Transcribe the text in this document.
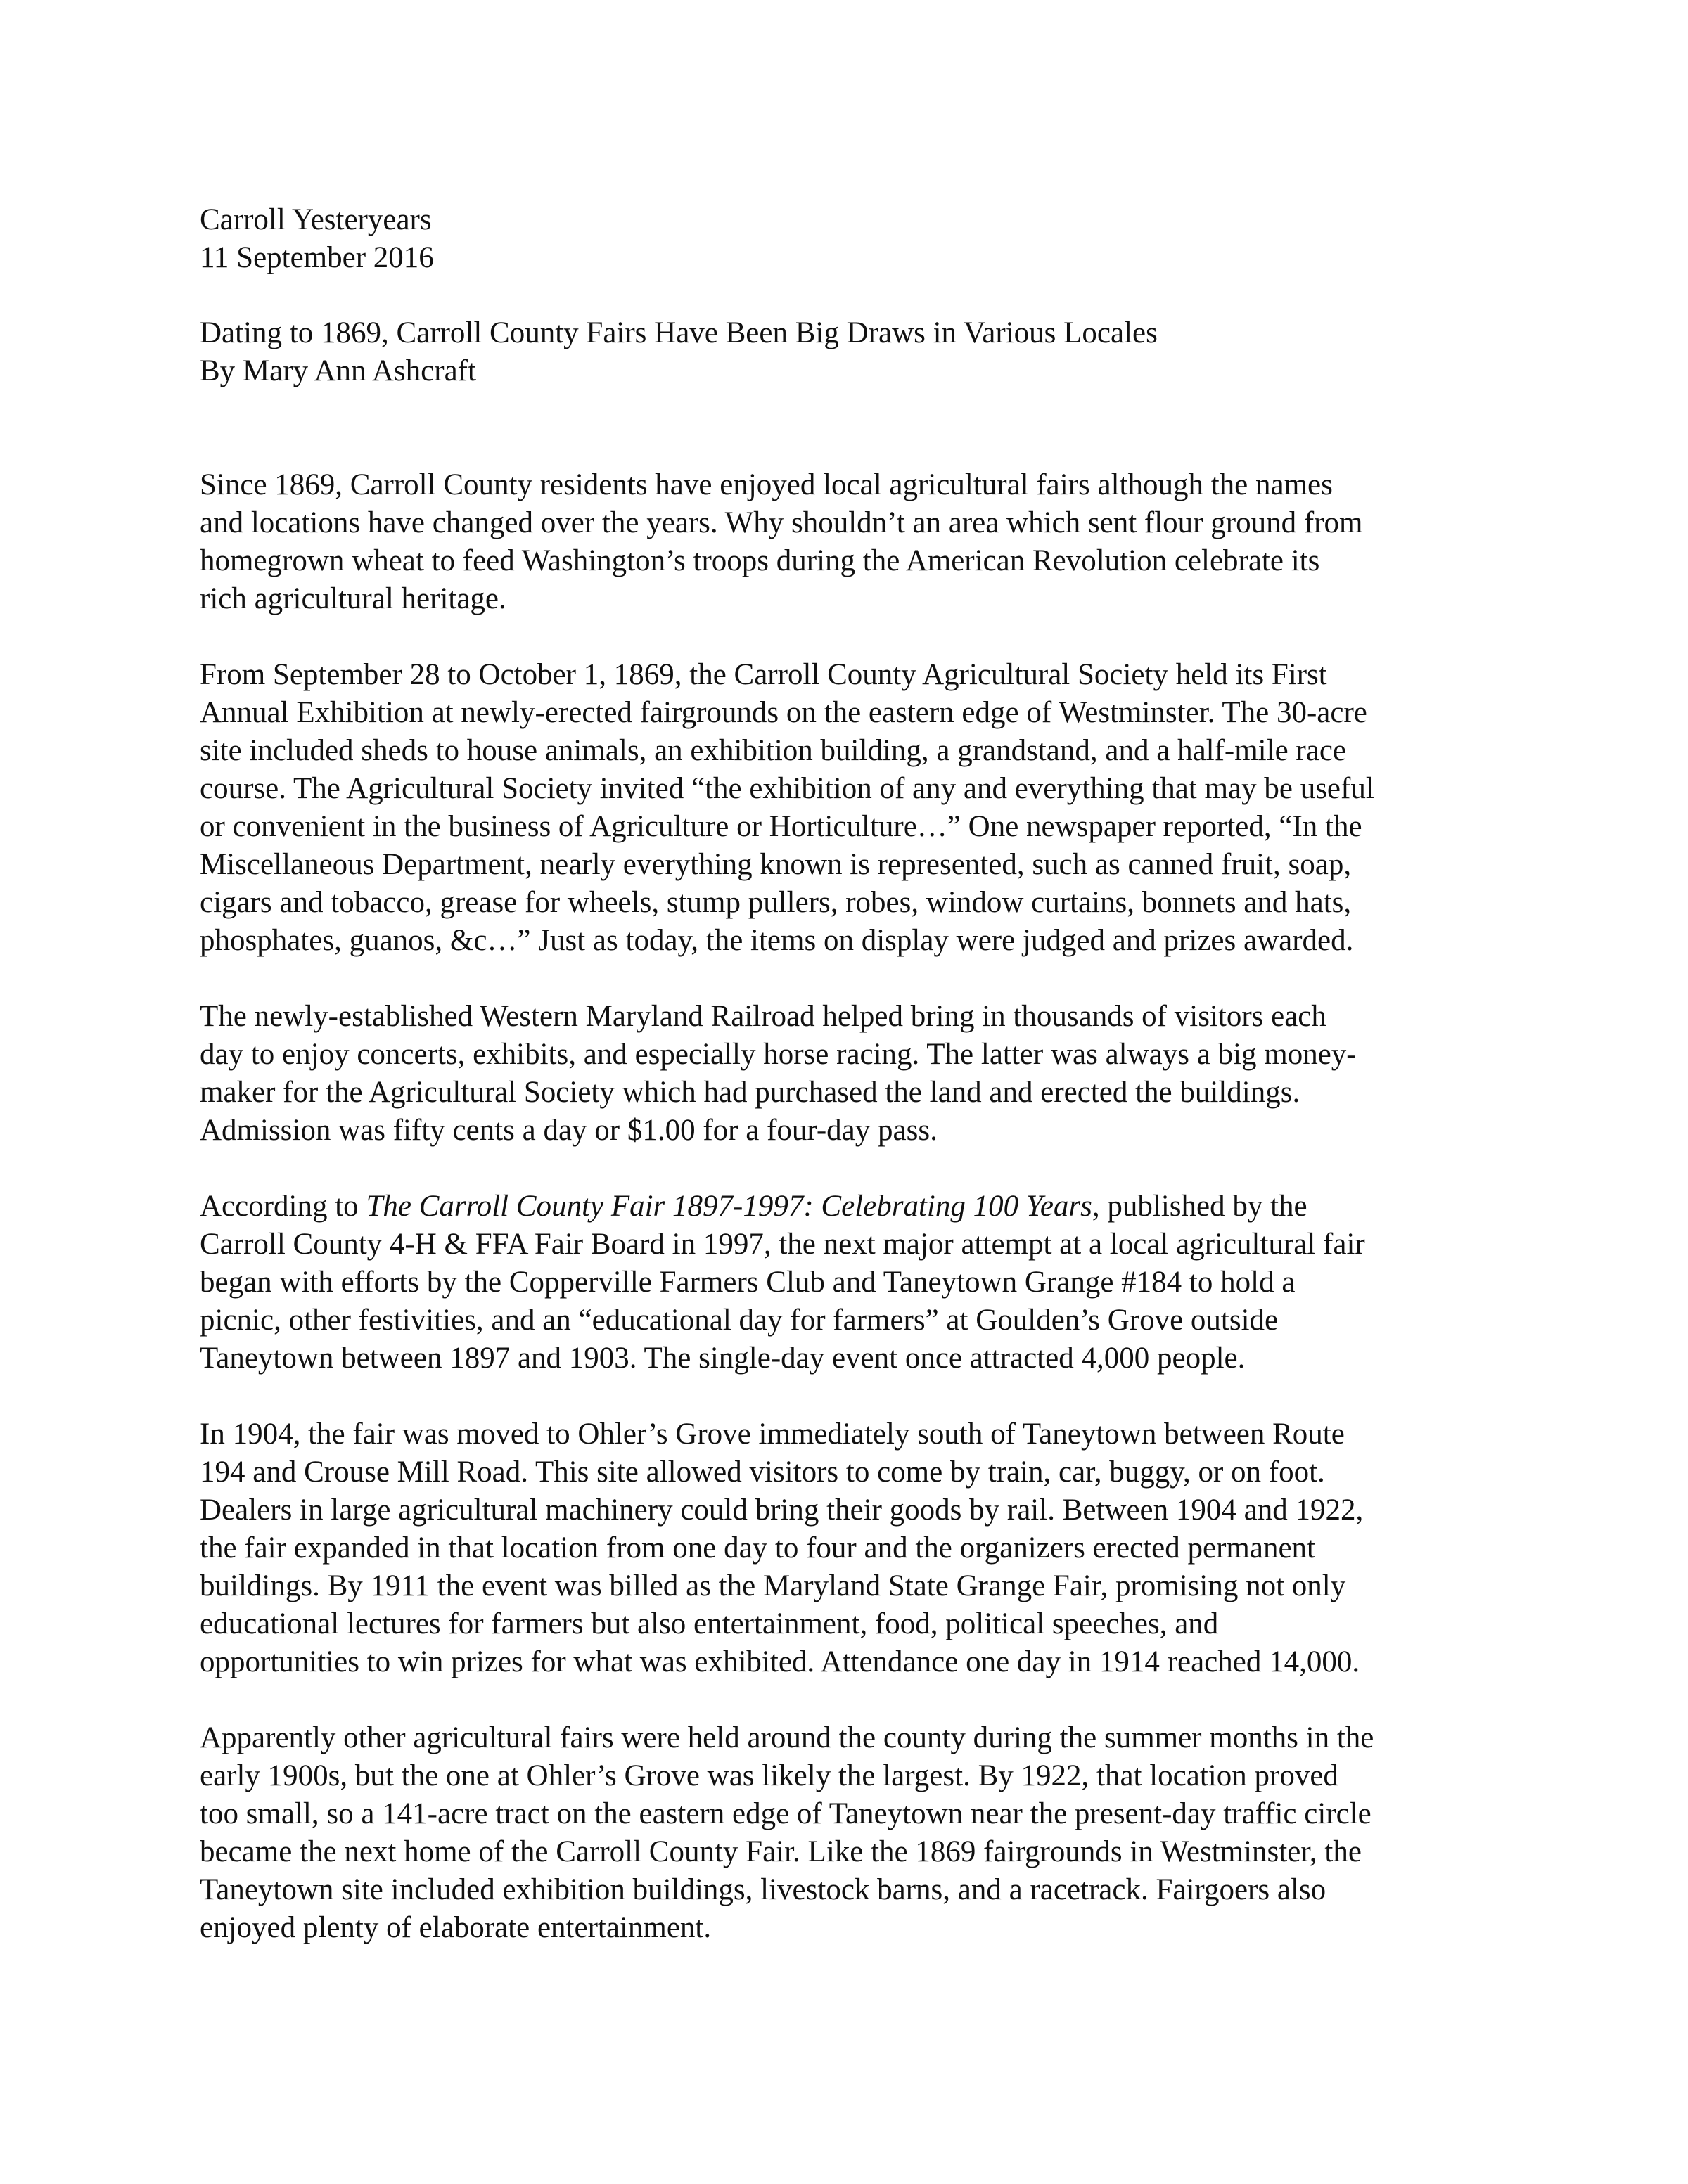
Carroll Yesteryears
11 September 2016
Dating to 1869, Carroll County Fairs Have Been Big Draws in Various Locales
By Mary Ann Ashcraft
Since 1869, Carroll County residents have enjoyed local agricultural fairs although the names
and locations have changed over the years. Why shouldn’t an area which sent flour ground from
homegrown wheat to feed Washington’s troops during the American Revolution celebrate its
rich agricultural heritage.
From September 28 to October 1, 1869, the Carroll County Agricultural Society held its First
Annual Exhibition at newly-erected fairgrounds on the eastern edge of Westminster. The 30-acre
site included sheds to house animals, an exhibition building, a grandstand, and a half-mile race
course. The Agricultural Society invited “the exhibition of any and everything that may be useful
or convenient in the business of Agriculture or Horticulture…” One newspaper reported, “In the
Miscellaneous Department, nearly everything known is represented, such as canned fruit, soap,
cigars and tobacco, grease for wheels, stump pullers, robes, window curtains, bonnets and hats,
phosphates, guanos, &c…” Just as today, the items on display were judged and prizes awarded.
The newly-established Western Maryland Railroad helped bring in thousands of visitors each
day to enjoy concerts, exhibits, and especially horse racing. The latter was always a big money-
maker for the Agricultural Society which had purchased the land and erected the buildings.
Admission was fifty cents a day or $1.00 for a four-day pass.
According to The Carroll County Fair 1897-1997: Celebrating 100 Years, published by the
Carroll County 4-H & FFA Fair Board in 1997, the next major attempt at a local agricultural fair
began with efforts by the Copperville Farmers Club and Taneytown Grange #184 to hold a
picnic, other festivities, and an “educational day for farmers” at Goulden’s Grove outside
Taneytown between 1897 and 1903. The single-day event once attracted 4,000 people.
In 1904, the fair was moved to Ohler’s Grove immediately south of Taneytown between Route
194 and Crouse Mill Road. This site allowed visitors to come by train, car, buggy, or on foot.
Dealers in large agricultural machinery could bring their goods by rail. Between 1904 and 1922,
the fair expanded in that location from one day to four and the organizers erected permanent
buildings. By 1911 the event was billed as the Maryland State Grange Fair, promising not only
educational lectures for farmers but also entertainment, food, political speeches, and
opportunities to win prizes for what was exhibited. Attendance one day in 1914 reached 14,000.
Apparently other agricultural fairs were held around the county during the summer months in the
early 1900s, but the one at Ohler’s Grove was likely the largest. By 1922, that location proved
too small, so a 141-acre tract on the eastern edge of Taneytown near the present-day traffic circle
became the next home of the Carroll County Fair. Like the 1869 fairgrounds in Westminster, the
Taneytown site included exhibition buildings, livestock barns, and a racetrack. Fairgoers also
enjoyed plenty of elaborate entertainment.
